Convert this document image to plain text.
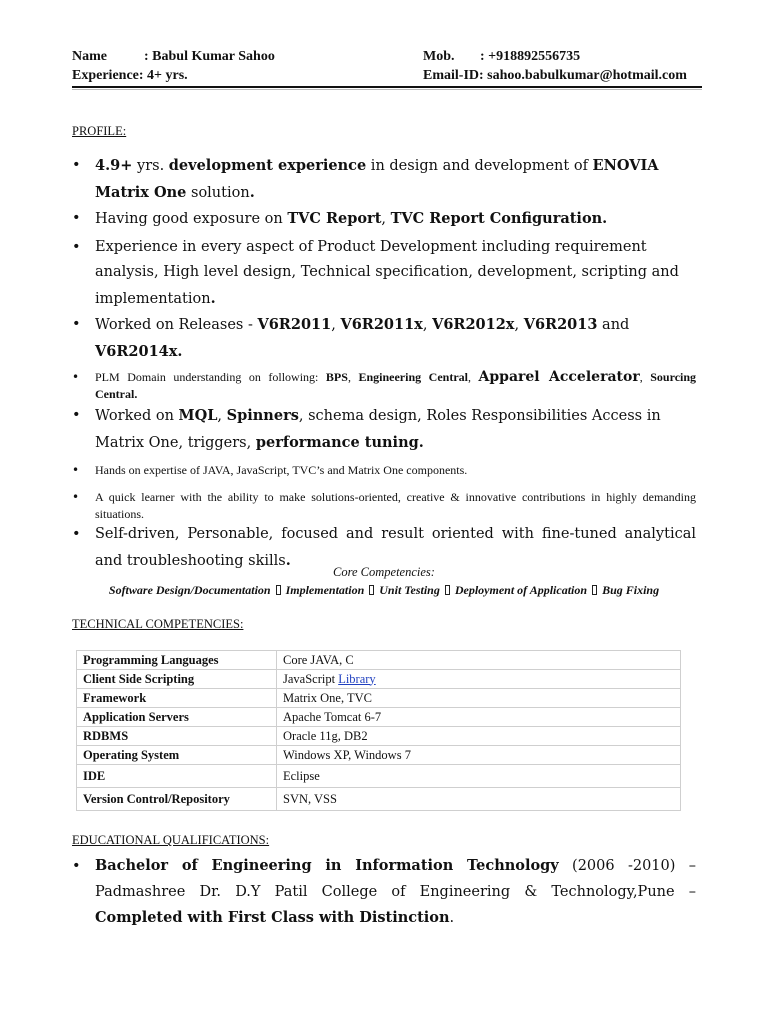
Name	: Babul Kumar Sahoo	Mob. : +918892556735
Experience: 4+ yrs.	Email-ID: sahoo.babulkumar@hotmail.com
PROFILE:
• 4.9+ yrs. development experience in design and development of ENOVIA Matrix One solution.
• Having good exposure on TVC Report, TVC Report Configuration.
• Experience in every aspect of Product Development including requirement analysis, High level design, Technical specification, development, scripting and implementation.
• Worked on Releases - V6R2011, V6R2011x, V6R2012x, V6R2013 and V6R2014x.
• PLM Domain understanding on following: BPS, Engineering Central, Apparel Accelerator, Sourcing Central.
• Worked on MQL, Spinners, schema design, Roles Responsibilities Access in Matrix One, triggers, performance tuning.
• Hands on expertise of JAVA, JavaScript, TVC’s and Matrix One components.
• A quick learner with the ability to make solutions-oriented, creative & innovative contributions in highly demanding situations.
• Self-driven, Personable, focused and result oriented with fine-tuned analytical and troubleshooting skills.
Core Competencies:
Software Design/Documentation Implementation Unit Testing Deployment of Application Bug Fixing
TECHNICAL COMPETENCIES:
Programming Languages	Core JAVA, C
Client Side Scripting	JavaScript Library
Framework	Matrix One, TVC
Application Servers	Apache Tomcat 6-7
RDBMS	Oracle 11g, DB2
Operating System	Windows XP, Windows 7
IDE	Eclipse
Version Control/Repository	SVN, VSS
EDUCATIONAL QUALIFICATIONS:
• Bachelor of Engineering in Information Technology (2006 -2010) – Padmashree Dr. D.Y Patil College of Engineering & Technology,Pune – Completed with First Class with Distinction.
